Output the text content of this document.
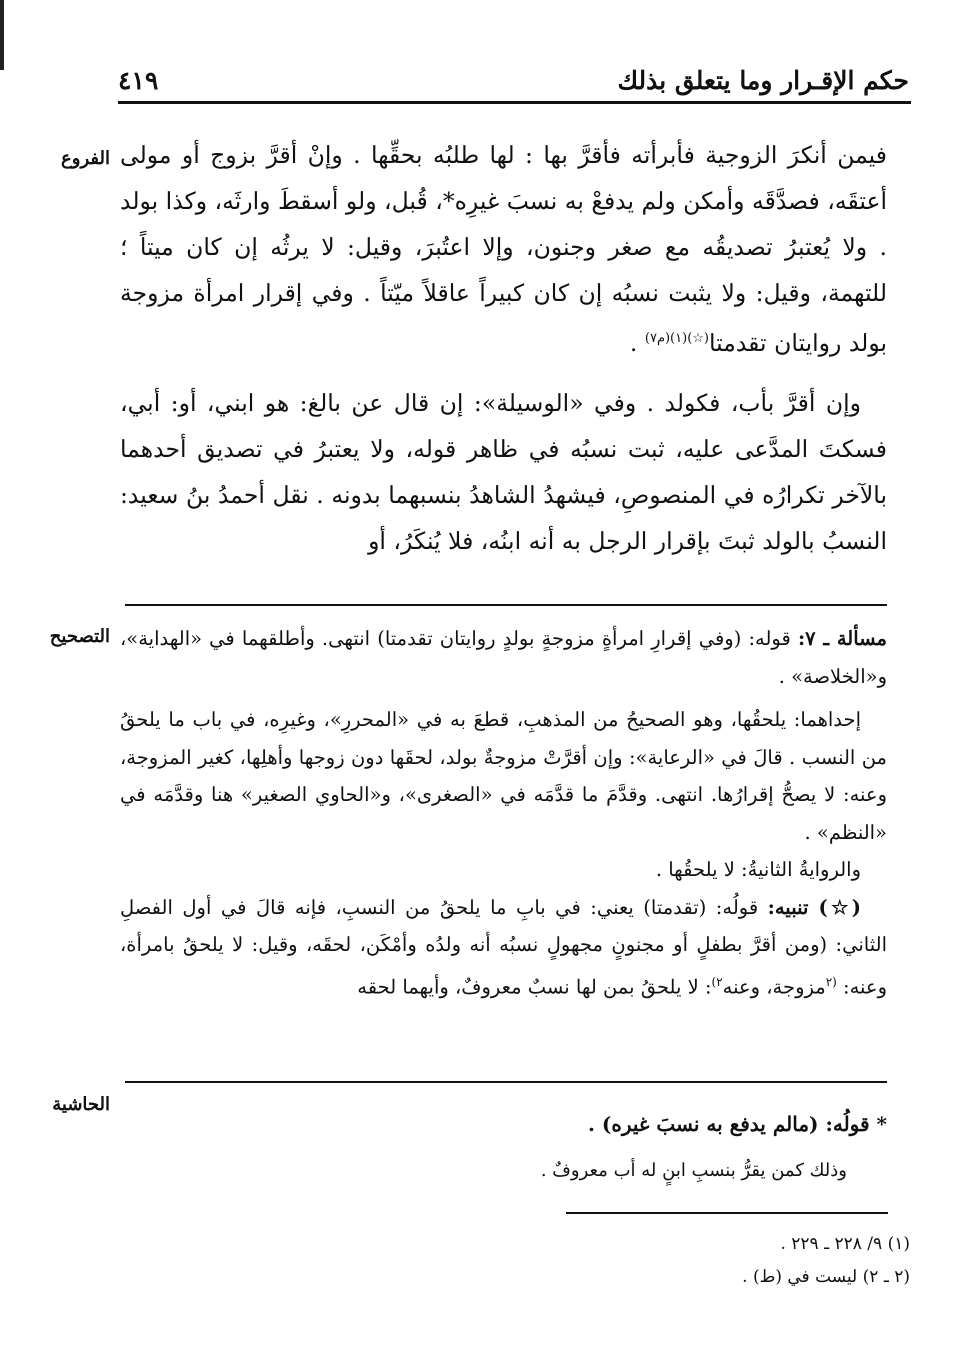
حكم الإقـرار وما يتعلق بذلك
٤١٩
الفروع
التصحيح
الحاشية

فيمن أنكرَ الزوجية فأبرأته فأقرَّ بها : لها طلبُه بحقِّها . وإنْ أقرَّ بزوج أو مولى أعتقَه، فصدَّقَه وأمكن ولم يدفعْ به نسبَ غيرِه*، قُبل، ولو أسقطَ وارثَه، وكذا بولد . ولا يُعتبرُ تصديقُه مع صغر وجنون، وإلا اعتُبرَ، وقيل: لا يرثُه إن كان ميتاً ؛ للتهمة، وقيل: ولا يثبت نسبُه إن كان كبيراً عاقلاً ميّتاً . وفي إقرار امرأة مزوجة بولد روايتان تقدمتا$^{(☆)(١)(م٧)}$ .

وإن أقرَّ بأب، فكولد . وفي «الوسيلة»: إن قال عن بالغ: هو ابني، أو: أبي، فسكتَ المدَّعى عليه، ثبت نسبُه في ظاهر قوله، ولا يعتبرُ في تصديق أحدهما بالآخر تكرارُه في المنصوصِ، فيشهدُ الشاهدُ بنسبهما بدونه . نقل أحمدُ بنُ سعيد: النسبُ بالولد ثبتَ بإقرار الرجل به أنه ابنُه، فلا يُنكَرُ، أو

مسألة ـ ٧: قوله: (وفي إقرارِ امرأةٍ مزوجةٍ بولدٍ روايتان تقدمتا) انتهى. وأطلقهما في «الهداية»، و«الخلاصة» .

إحداهما: يلحقُها، وهو الصحيحُ من المذهبِ، قطعَ به في «المحررِ»، وغيرِه، في باب ما يلحقُ من النسب . قالَ في «الرعاية»: وإن أقرَّتْ مزوجةٌ بولد، لحقَها دون زوجها وأهلِها، كغير المزوجة، وعنه: لا يصحُّ إقرارُها. انتهى. وقدَّمَ ما قدَّمَه في «الصغرى»، و«الحاوي الصغير» هنا وقدَّمَه في «النظم» .

والروايةُ الثانيةُ: لا يلحقُها .

(☆) تنبيه: قولُه: (تقدمتا) يعني: في بابِ ما يلحقُ من النسبِ، فإنه قالَ في أول الفصلِ الثاني: (ومن أقرَّ بطفلٍ أو مجنونٍ مجهولٍ نسبُه أنه ولدُه وأمْكَن، لحقَه، وقيل: لا يلحقُ بامرأة، وعنه: $^{(٢}$مزوجة، وعنه$^{٢)}$: لا يلحقُ بمن لها نسبٌ معروفٌ، وأيهما لحقه

* قولُه: (مالم يدفع به نسبَ غيره) .

وذلك كمن يقرُّ بنسبِ ابنٍ له أب معروفٌ .

(١) ٩/ ٢٢٨ ـ ٢٢٩ .
(٢ ـ ٢) ليست في (ط) .
